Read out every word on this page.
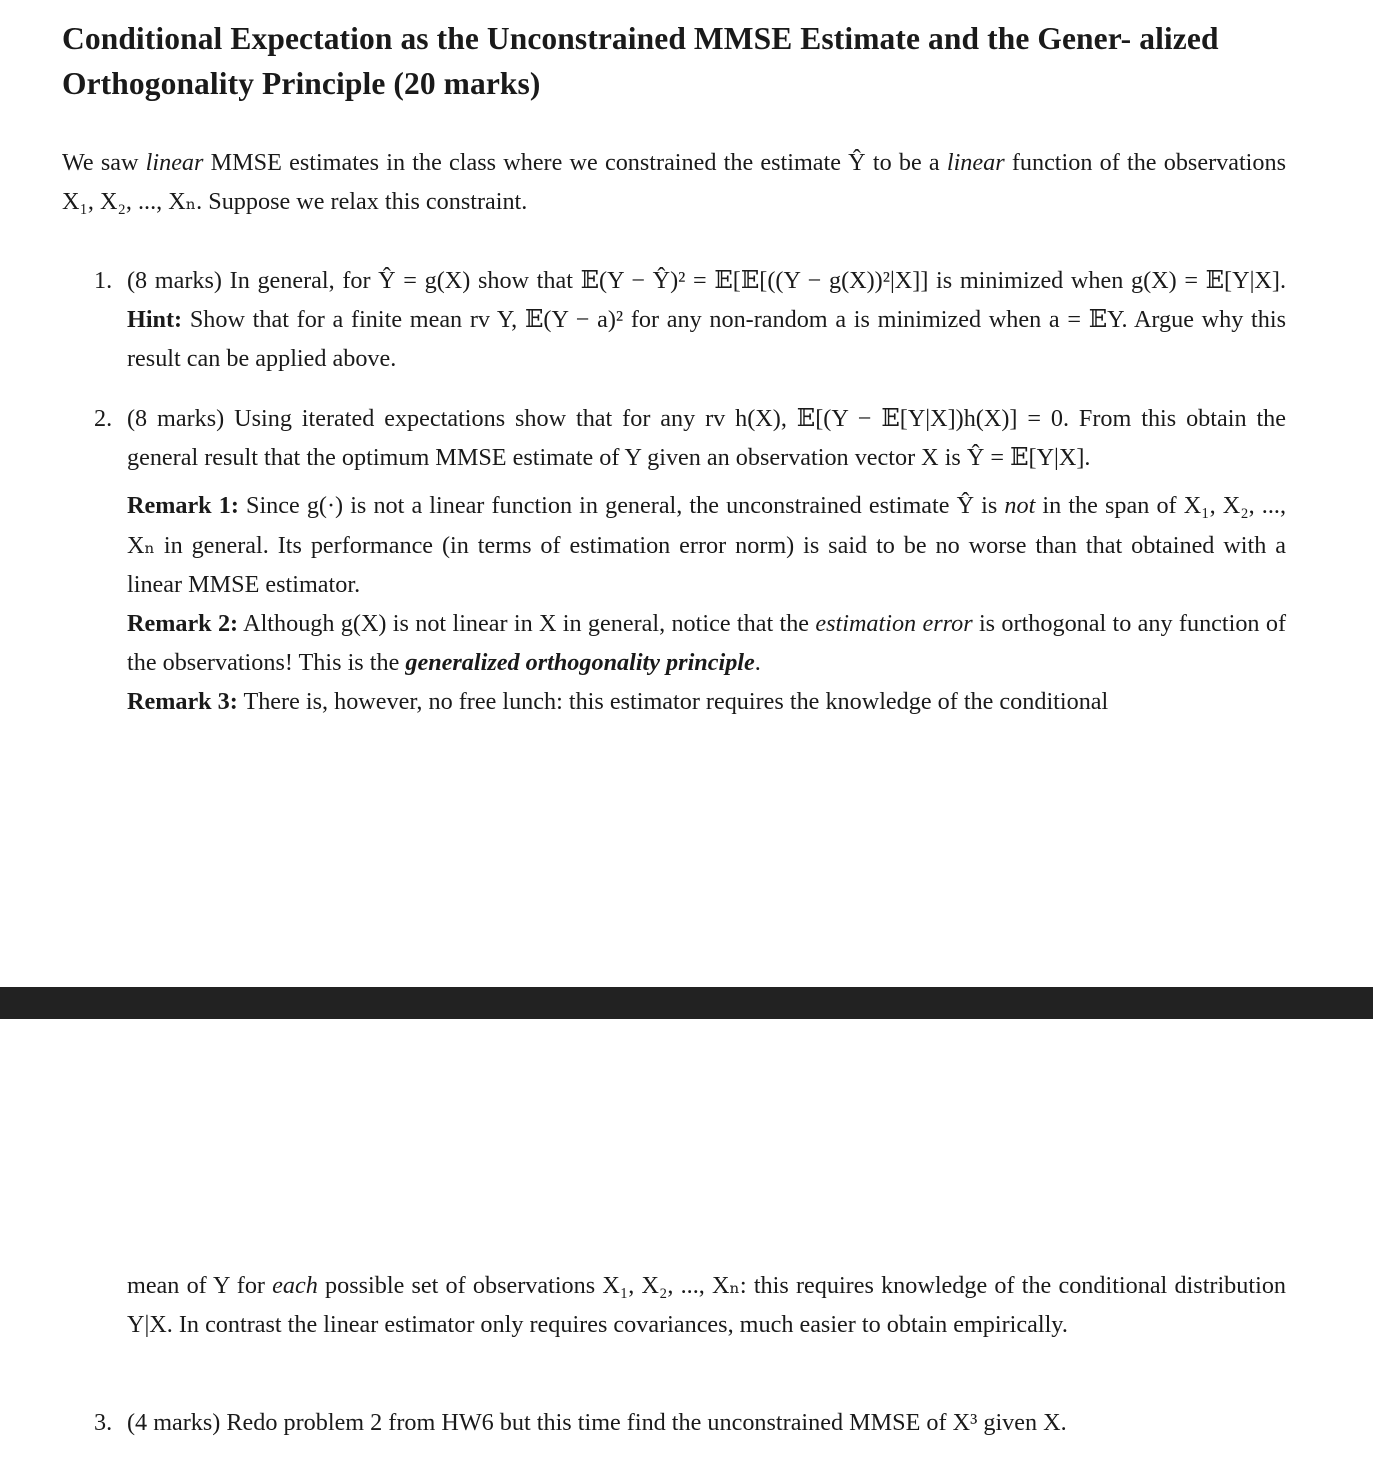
Conditional Expectation as the Unconstrained MMSE Estimate and the Gener- alized Orthogonality Principle (20 marks)
We saw linear MMSE estimates in the class where we constrained the estimate Ŷ to be a linear function of the observations X₁, X₂, ..., Xₙ. Suppose we relax this constraint.
1. (8 marks) In general, for Ŷ = g(X) show that 𝔼(Y − Ŷ)² = 𝔼[𝔼[((Y − g(X))²|X]] is minimized when g(X) = 𝔼[Y|X]. Hint: Show that for a finite mean rv Y, 𝔼(Y − a)² for any non-random a is minimized when a = 𝔼Y. Argue why this result can be applied above.
2. (8 marks) Using iterated expectations show that for any rv h(X), 𝔼[(Y − 𝔼[Y|X])h(X)] = 0. From this obtain the general result that the optimum MMSE estimate of Y given an observation vector X is Ŷ = 𝔼[Y|X].
Remark 1: Since g(·) is not a linear function in general, the unconstrained estimate Ŷ is not in the span of X₁, X₂, ..., Xₙ in general. Its performance (in terms of estimation error norm) is said to be no worse than that obtained with a linear MMSE estimator.
Remark 2: Although g(X) is not linear in X in general, notice that the estimation error is orthogonal to any function of the observations! This is the generalized orthogonality principle.
Remark 3: There is, however, no free lunch: this estimator requires the knowledge of the conditional
mean of Y for each possible set of observations X₁, X₂, ..., Xₙ: this requires knowledge of the conditional distribution Y|X. In contrast the linear estimator only requires covariances, much easier to obtain empirically.
3. (4 marks) Redo problem 2 from HW6 but this time find the unconstrained MMSE of X³ given X.
